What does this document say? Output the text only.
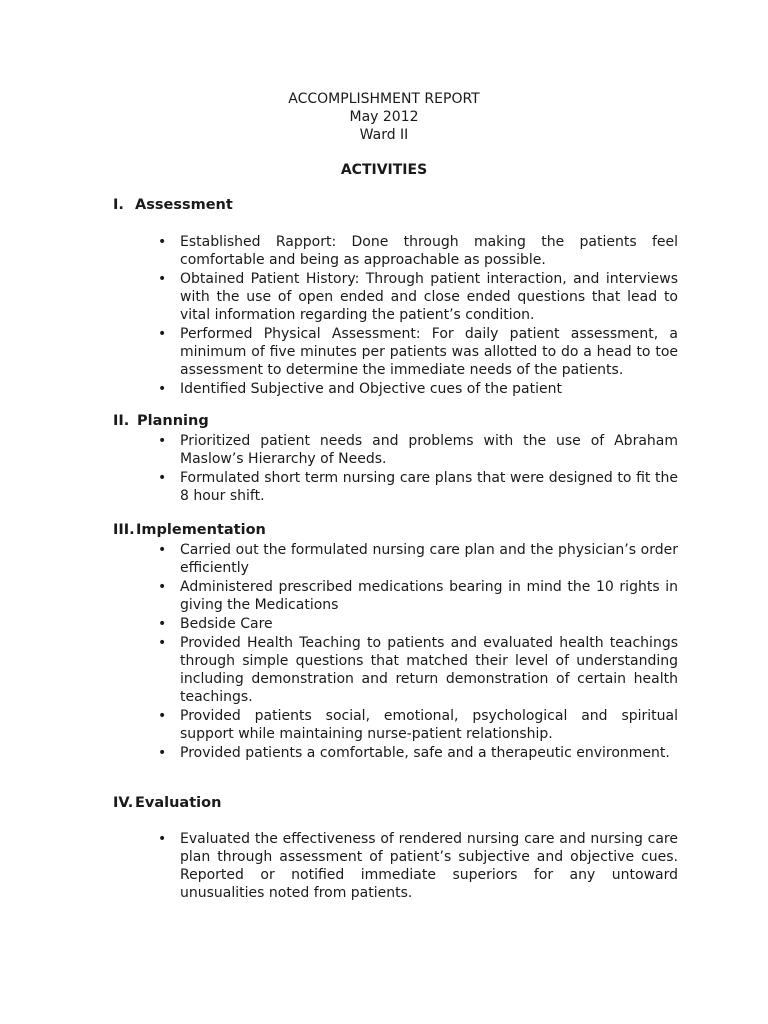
ACCOMPLISHMENT REPORT
May 2012
Ward II
ACTIVITIES
I. Assessment
• Established Rapport: Done through making the patients feel comfortable and being as approachable as possible.
• Obtained Patient History: Through patient interaction, and interviews with the use of open ended and close ended questions that lead to vital information regarding the patient’s condition.
• Performed Physical Assessment: For daily patient assessment, a minimum of five minutes per patients was allotted to do a head to toe assessment to determine the immediate needs of the patients.
• Identified Subjective and Objective cues of the patient
II. Planning
• Prioritized patient needs and problems with the use of Abraham Maslow’s Hierarchy of Needs.
• Formulated short term nursing care plans that were designed to fit the 8 hour shift.
III.Implementation
• Carried out the formulated nursing care plan and the physician’s order efficiently
• Administered prescribed medications bearing in mind the 10 rights in giving the Medications
• Bedside Care
• Provided Health Teaching to patients and evaluated health teachings through simple questions that matched their level of understanding including demonstration and return demonstration of certain health teachings.
• Provided patients social, emotional, psychological and spiritual support while maintaining nurse-patient relationship.
• Provided patients a comfortable, safe and a therapeutic environment.
IV. Evaluation
• Evaluated the effectiveness of rendered nursing care and nursing care plan through assessment of patient’s subjective and objective cues. Reported or notified immediate superiors for any untoward unusualities noted from patients.
